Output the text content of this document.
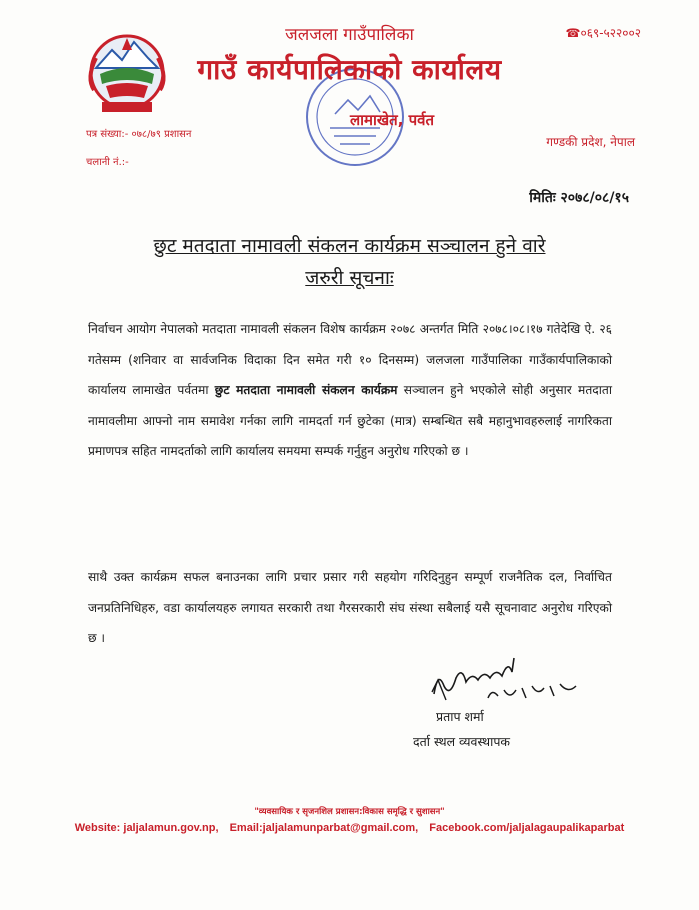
जलजला गाउँपालिका
गाउँ कार्यपालिकाको कार्यालय
लामाखेत, पर्वत
☎०६९-५२२००२
गण्डकी प्रदेश, नेपाल
पत्र संख्या:- ०७८/७९ प्रशासन
चलानी नं.:-
मितिः २०७८/०८/१५
छुट मतदाता नामावली संकलन कार्यक्रम सञ्चालन हुने वारे
जरुरी सूचनाः
निर्वाचन आयोग नेपालको मतदाता नामावली संकलन विशेष कार्यक्रम २०७८ अन्तर्गत मिति २०७८।०८।१७ गतेदेखि ऐ. २६ गतेसम्म (शनिवार वा सार्वजनिक विदाका दिन समेत गरी १० दिनसम्म) जलजला गाउँपालिका गाउँकार्यपालिकाको कार्यालय लामाखेत पर्वतमा छुट मतदाता नामावली संकलन कार्यक्रम सञ्चालन हुने भएकोले सोही अनुसार मतदाता नामावलीमा आफ्नो नाम समावेश गर्नका लागि नामदर्ता गर्न छुटेका (मात्र) सम्बन्धित सबै महानुभावहरुलाई नागरिकता प्रमाणपत्र सहित नामदर्ताको लागि कार्यालय समयमा सम्पर्क गर्नुहुन अनुरोध गरिएको छ ।
साथै उक्त कार्यक्रम सफल बनाउनका लागि प्रचार प्रसार गरी सहयोग गरिदिनुहुन सम्पूर्ण राजनैतिक दल, निर्वाचित जनप्रतिनिधिहरु, वडा कार्यालयहरु लगायत सरकारी तथा गैरसरकारी संघ संस्था सबैलाई यसै सूचनावाट अनुरोध गरिएको छ ।
प्रताप शर्मा
दर्ता स्थल व्यवस्थापक
"व्यवसायिक र सृजनशिल प्रशासन:विकास समृद्धि र सुशासन"
Website: jaljalamun.gov.np, Email:jaljalamunparbat@gmail.com, Facebook.com/jaljalagaupalikaparbat
